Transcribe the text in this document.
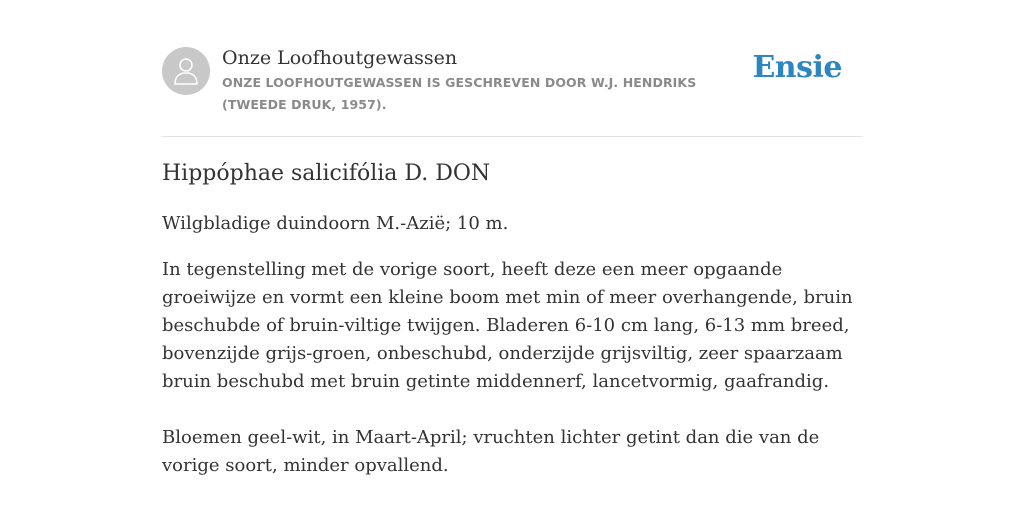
Onze Loofhoutgewassen
ONZE LOOFHOUTGEWASSEN IS GESCHREVEN DOOR W.J. HENDRIKS (TWEEDE DRUK, 1957).
Ensie
Hippóphae salicifólia D. DON

Wilgbladige duindoorn M.-Azië; 10 m.

In tegenstelling met de vorige soort, heeft deze een meer opgaande groeiwijze en vormt een kleine boom met min of meer overhangende, bruin beschubde of bruin-viltige twijgen. Bladeren 6-10 cm lang, 6-13 mm breed, bovenzijde grijs-groen, onbeschubd, onderzijde grijsviltig, zeer spaarzaam bruin beschubd met bruin getinte middennerf, lancetvormig, gaafrandig.

Bloemen geel-wit, in Maart-April; vruchten lichter getint dan die van de vorige soort, minder opvallend.
